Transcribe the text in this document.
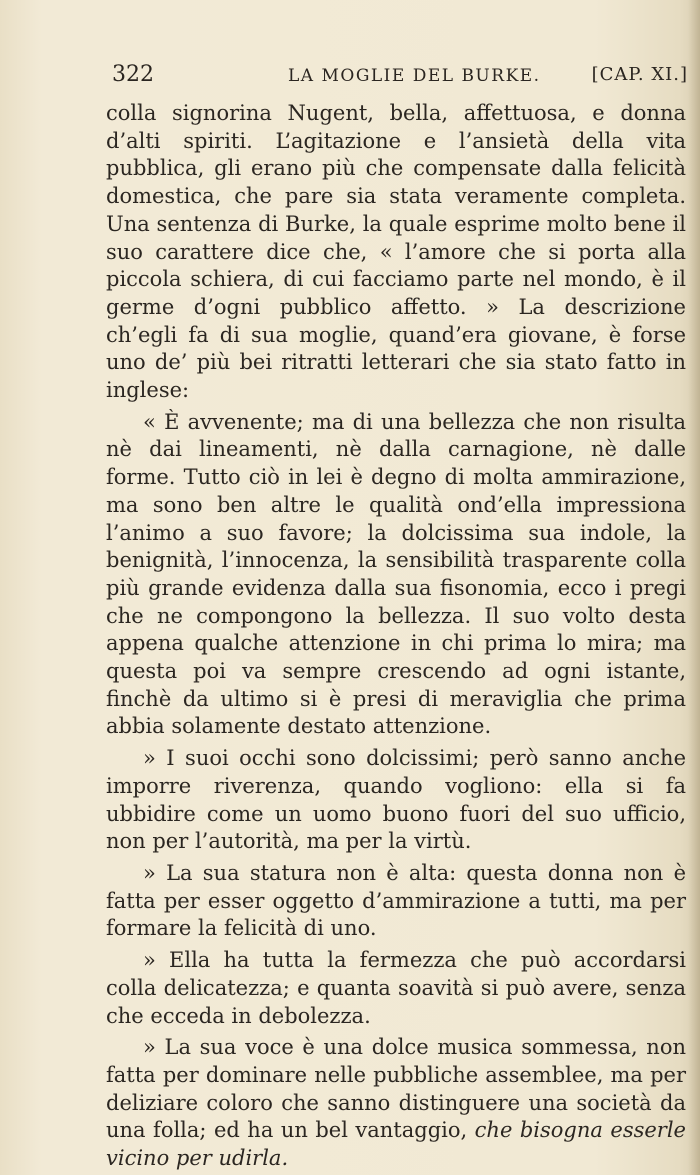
322	LA MOGLIE DEL BURKE.	[CAP. XI.]

colla signorina Nugent, bella, affettuosa, e donna d’alti spiriti. L’agitazione e l’ansietà della vita pubblica, gli erano più che compensate dalla felicità domestica, che pare sia stata veramente completa. Una sentenza di Burke, la quale esprime molto bene il suo carattere dice che, « l’amore che si porta alla piccola schiera, di cui facciamo parte nel mondo, è il germe d’ogni pubblico affetto. » La descrizione ch’egli fa di sua moglie, quand’era giovane, è forse uno de’ più bei ritratti letterari che sia stato fatto in inglese:

« È avvenente; ma di una bellezza che non risulta nè dai lineamenti, nè dalla carnagione, nè dalle forme. Tutto ciò in lei è degno di molta ammirazione, ma sono ben altre le qualità ond’ella impressiona l’animo a suo favore; la dolcissima sua indole, la benignità, l’innocenza, la sensibilità trasparente colla più grande evidenza dalla sua fisonomia, ecco i pregi che ne compongono la bellezza. Il suo volto desta appena qualche attenzione in chi prima lo mira; ma questa poi va sempre crescendo ad ogni istante, finchè da ultimo si è presi di meraviglia che prima abbia solamente destato attenzione.

» I suoi occhi sono dolcissimi; però sanno anche imporre riverenza, quando vogliono: ella si fa ubbidire come un uomo buono fuori del suo ufficio, non per l’autorità, ma per la virtù.

» La sua statura non è alta: questa donna non è fatta per esser oggetto d’ammirazione a tutti, ma per formare la felicità di uno.

» Ella ha tutta la fermezza che può accordarsi colla delicatezza; e quanta soavità si può avere, senza che ecceda in debolezza.

» La sua voce è una dolce musica sommessa, non fatta per dominare nelle pubbliche assemblee, ma per deliziare coloro che sanno distinguere una società da una folla; ed ha un bel vantaggio, che bisogna esserle vicino per udirla.
